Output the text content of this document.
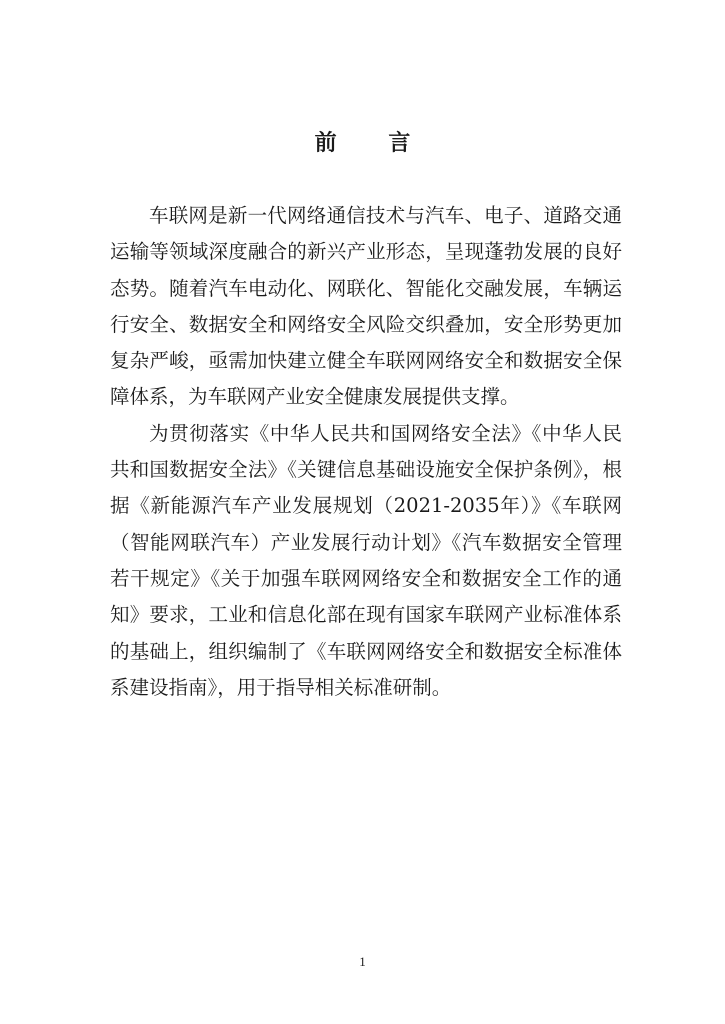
前 言

车联网是新一代网络通信技术与汽车、电子、道路交通运输等领域深度融合的新兴产业形态，呈现蓬勃发展的良好态势。随着汽车电动化、网联化、智能化交融发展，车辆运行安全、数据安全和网络安全风险交织叠加，安全形势更加复杂严峻，亟需加快建立健全车联网网络安全和数据安全保障体系，为车联网产业安全健康发展提供支撑。

为贯彻落实《中华人民共和国网络安全法》《中华人民共和国数据安全法》《关键信息基础设施安全保护条例》，根据《新能源汽车产业发展规划（2021-2035年）》《车联网（智能网联汽车）产业发展行动计划》《汽车数据安全管理若干规定》《关于加强车联网网络安全和数据安全工作的通知》要求，工业和信息化部在现有国家车联网产业标准体系的基础上，组织编制了《车联网网络安全和数据安全标准体系建设指南》，用于指导相关标准研制。

1
